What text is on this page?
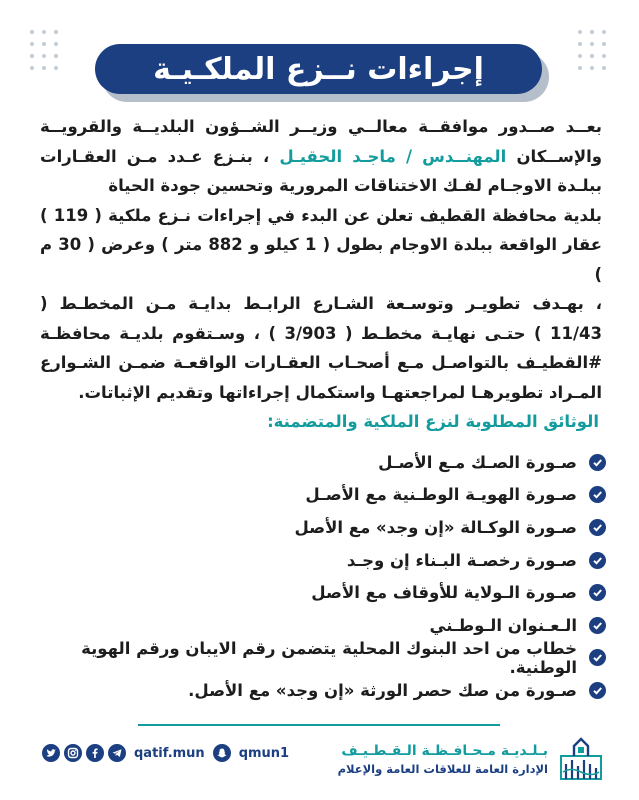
إجراءات نــزع الملكـيـة

بعــد صــدور موافقــة معالــي وزيــر الشــؤون البلديــة والقرويــة والإســكان المهنــدس / ماجـد الحقيـل ، بنـزع عـدد مـن العقـارات ببلـدة الاوجـام لفـك الاختناقات المرورية وتحسين جودة الحياة

بلدية محافظة القطيف تعلن عن البدء في إجراءات نـزع ملكية ( 119 ) عقار الواقعة ببلدة الاوجام بطول ( 1 كيلو و 882 متر ) وعرض ( 30 م )

، بهـدف تطويـر وتوسـعة الشـارع الرابـط بدايـة مـن المخطـط ( 11/43 ) حتـى نهايـة مخطـط ( 3/903 ) ، وسـتقوم بلديـة محافظـة #القطيـف بالتواصـل مـع أصحـاب العقـارات الواقعـة ضمـن الشـوارع المـراد تطويرهـا لمراجعتهـا واستكمال إجراءاتها وتقديم الإثباتات.

الوثائق المطلوبة لنزع الملكية والمتضمنة:
صـورة الصـك مـع الأصـل
صـورة الهويـة الوطـنية مع الأصـل
صـورة الوكـالة «إن وجد» مع الأصل
صـورة رخصـة البـناء إن وجـد
صـورة الـولاية للأوقاف مع الأصل
الـعـنوان الـوطـني
خطاب من احد البنوك المحلية يتضمن رقم الايبان ورقم الهوية الوطنية.
صـورة من صك حصر الورثة «إن وجد» مع الأصل.
qatif.mun	qmun1	بـلـديـة مـحـافـظـة الـقـطـيـف
الإدارة العامة للعلاقات العامة والإعلام
